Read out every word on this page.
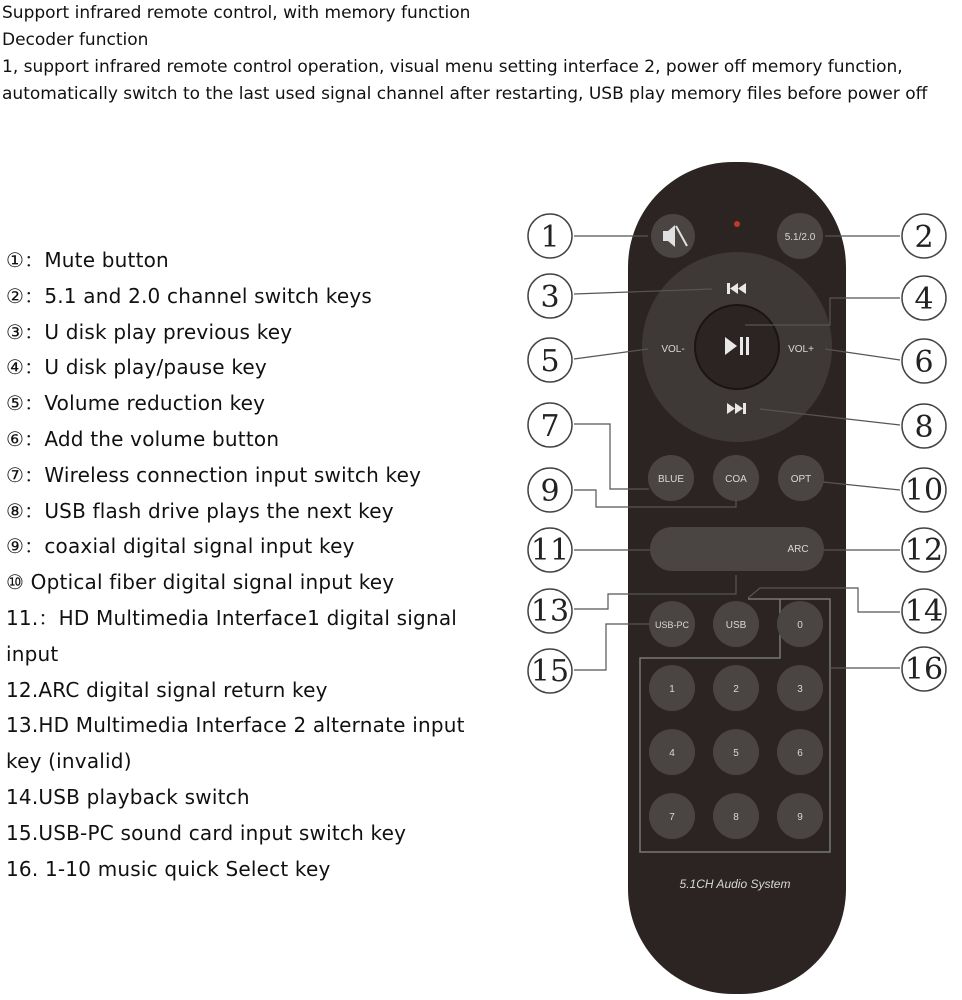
Support infrared remote control, with memory function
Decoder function
1, support infrared remote control operation, visual menu setting interface 2, power off memory function,
automatically switch to the last used signal channel after restarting, USB play memory files before power off
①：Mute button
②：5.1 and 2.0 channel switch keys
③：U disk play previous key
④：U disk play/pause key
⑤：Volume reduction key
⑥：Add the volume button
⑦：Wireless connection input switch key
⑧：USB flash drive plays the next key
⑨：coaxial digital signal input key
⑩ Optical fiber digital signal input key
11.：HD Multimedia Interface1 digital signal input
12.ARC digital signal return key
13.HD Multimedia Interface 2 alternate input key (invalid)
14.USB playback switch
15.USB-PC sound card input switch key
16. 1-10 music quick Select key
5.1/2.0
VOL-	VOL+
BLUE	COA	OPT
ARC
USB-PC	USB	0
1	2	3
4	5	6
7	8	9
5.1CH Audio System
1	2
3	4
5	6
7	8
9	10
11	12
13	14
15	16
